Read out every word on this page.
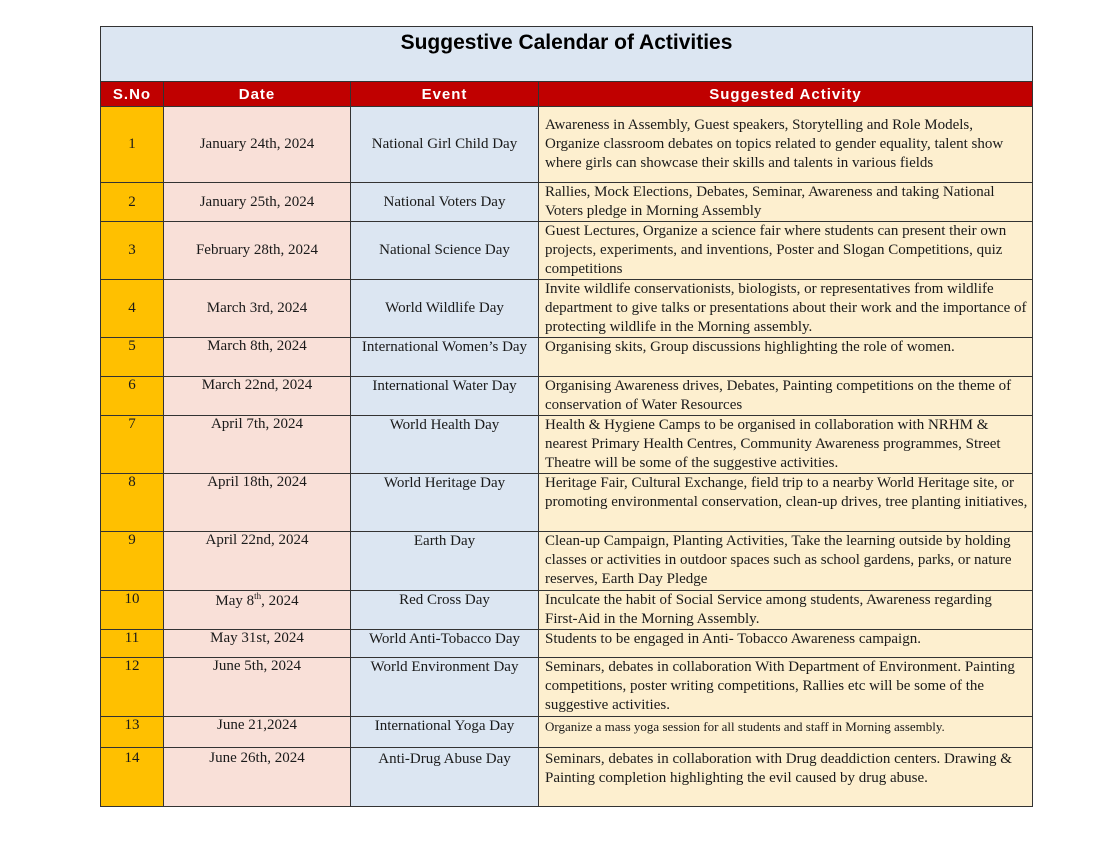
Suggestive Calendar of Activities			
S.No	Date	Event	Suggested Activity
1	January 24th, 2024	National Girl Child Day	Awareness in Assembly, Guest speakers, Storytelling and Role Models, Organize classroom debates on topics related to gender equality, talent show where girls can showcase their skills and talents in various fields
2	January 25th, 2024	National Voters Day	Rallies, Mock Elections, Debates, Seminar, Awareness and taking National Voters pledge in Morning Assembly
3	February 28th, 2024	National Science Day	Guest Lectures, Organize a science fair where students can present their own projects, experiments, and inventions, Poster and Slogan Competitions, quiz competitions
4	March 3rd, 2024	World Wildlife Day	Invite wildlife conservationists, biologists, or representatives from wildlife department to give talks or presentations about their work and the importance of protecting wildlife in the Morning assembly.
5	March 8th, 2024	International Women’s Day	Organising skits, Group discussions highlighting the role of women.
6	March 22nd, 2024	International Water Day	Organising Awareness drives, Debates, Painting competitions on the theme of conservation of Water Resources
7	April 7th, 2024	World Health Day	Health & Hygiene Camps to be organised in collaboration with NRHM & nearest Primary Health Centres, Community Awareness programmes, Street Theatre will be some of the suggestive activities.
8	April 18th, 2024	World Heritage Day	Heritage Fair, Cultural Exchange, field trip to a nearby World Heritage site, or promoting environmental conservation, clean-up drives, tree planting initiatives,
9	April 22nd, 2024	Earth Day	Clean-up Campaign, Planting Activities, Take the learning outside by holding classes or activities in outdoor spaces such as school gardens, parks, or nature reserves, Earth Day Pledge
10	May 8th, 2024	Red Cross Day	Inculcate the habit of Social Service among students, Awareness regarding First-Aid in the Morning Assembly.
11	May 31st, 2024	World Anti-Tobacco Day	Students to be engaged in Anti- Tobacco Awareness campaign.
12	June 5th, 2024	World Environment Day	Seminars, debates in collaboration With Department of Environment. Painting competitions, poster writing competitions, Rallies etc will be some of the suggestive activities.
13	June 21,2024	International Yoga Day	Organize a mass yoga session for all students and staff in Morning assembly.
14	June 26th, 2024	Anti-Drug Abuse Day	Seminars, debates in collaboration with Drug deaddiction centers. Drawing & Painting completion highlighting the evil caused by drug abuse.
